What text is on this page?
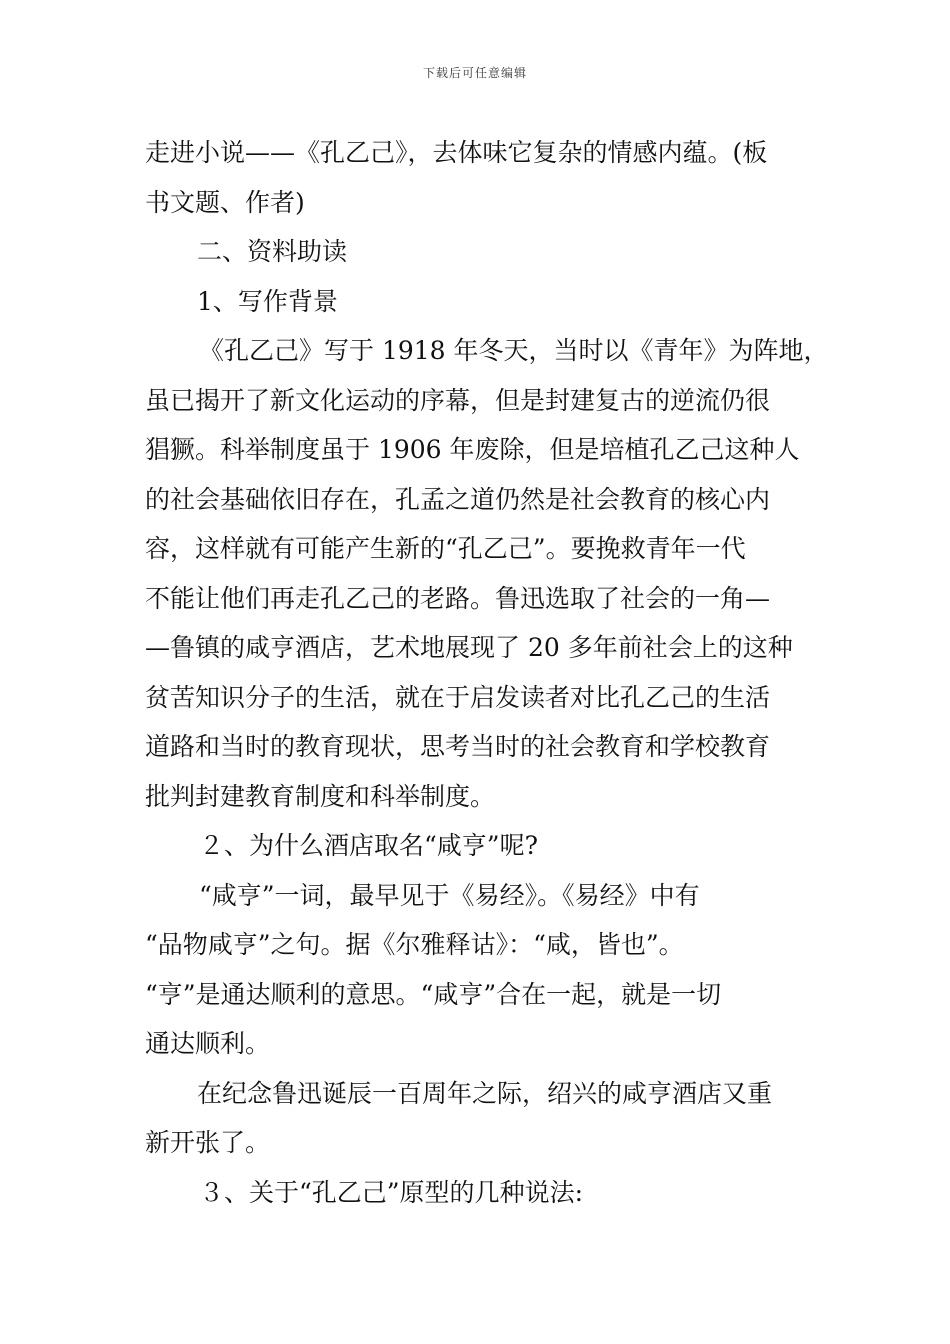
下载后可任意编辑
走进小说——《孔乙己》，去体味它复杂的情感内蕴。(板
书文题、作者)
二、资料助读
1、写作背景
《孔乙己》写于 1918 年冬天，当时以《青年》为阵地，
虽已揭开了新文化运动的序幕，但是封建复古的逆流仍很
猖獗。科举制度虽于 1906 年废除，但是培植孔乙己这种人
的社会基础依旧存在，孔孟之道仍然是社会教育的核心内
容，这样就有可能产生新的“孔乙己”。要挽救青年一代
不能让他们再走孔乙己的老路。鲁迅选取了社会的一角—
—鲁镇的咸亨酒店，艺术地展现了 20 多年前社会上的这种
贫苦知识分子的生活，就在于启发读者对比孔乙己的生活
道路和当时的教育现状，思考当时的社会教育和学校教育
批判封建教育制度和科举制度。
２、为什么酒店取名“咸亨”呢?
“咸亨”一词，最早见于《易经》。《易经》中有
“品物咸亨”之句。据《尔雅释诂》：“咸，皆也”。
“亨”是通达顺利的意思。“咸亨”合在一起，就是一切
通达顺利。
在纪念鲁迅诞辰一百周年之际，绍兴的咸亨酒店又重
新开张了。
３、关于“孔乙己”原型的几种说法:
